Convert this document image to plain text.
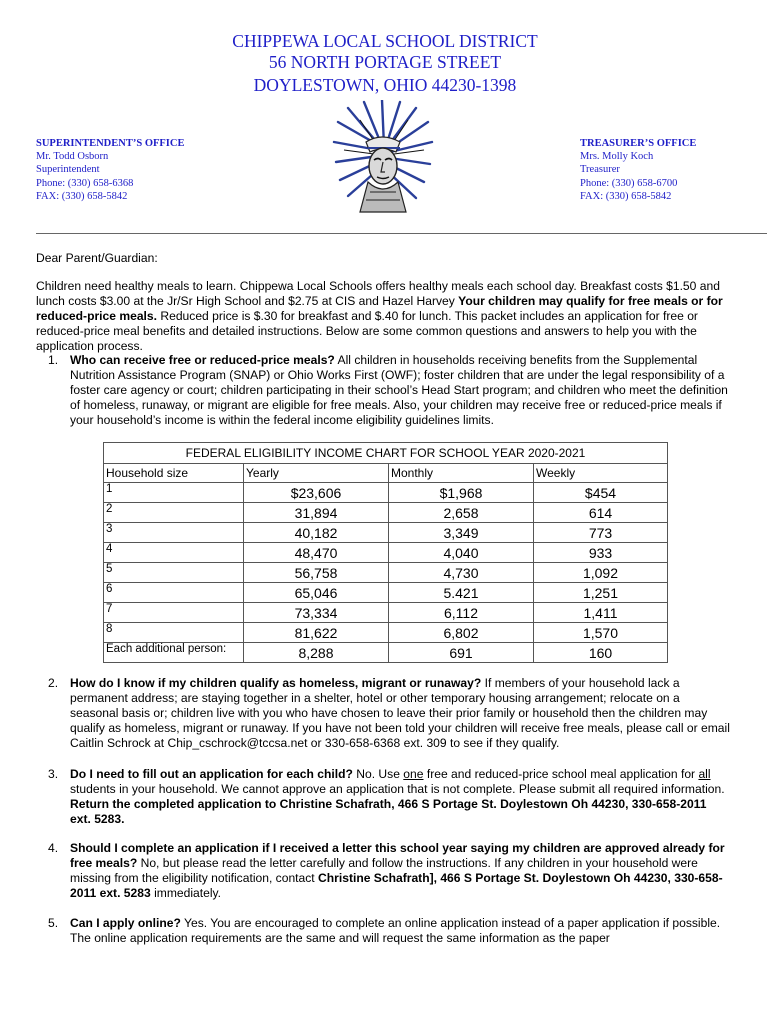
CHIPPEWA LOCAL SCHOOL DISTRICT
56 NORTH PORTAGE STREET
DOYLESTOWN, OHIO 44230-1398
SUPERINTENDENT’S OFFICE
Mr. Todd Osborn
Superintendent
Phone: (330) 658-6368
FAX: (330) 658-5842
TREASURER’S OFFICE
Mrs. Molly Koch
Treasurer
Phone: (330) 658-6700
FAX: (330) 658-5842
Dear Parent/Guardian:
Children need healthy meals to learn. Chippewa Local Schools offers healthy meals each school day. Breakfast costs $1.50 and lunch costs $3.00 at the Jr/Sr High School and $2.75 at CIS and Hazel Harvey Your children may qualify for free meals or for reduced-price meals. Reduced price is $.30 for breakfast and $.40 for lunch. This packet includes an application for free or reduced-price meal benefits and detailed instructions. Below are some common questions and answers to help you with the application process.
1. Who can receive free or reduced-price meals? All children in households receiving benefits from the Supplemental Nutrition Assistance Program (SNAP) or Ohio Works First (OWF); foster children that are under the legal responsibility of a foster care agency or court; children participating in their school’s Head Start program; and children who meet the definition of homeless, runaway, or migrant are eligible for free meals. Also, your children may receive free or reduced-price meals if your household’s income is within the federal income eligibility guidelines limits.
FEDERAL ELIGIBILITY INCOME CHART FOR SCHOOL YEAR 2020-2021			
Household size	Yearly	Monthly	Weekly
1	$23,606	$1,968	$454
2	31,894	2,658	614
3	40,182	3,349	773
4	48,470	4,040	933
5	56,758	4,730	1,092
6	65,046	5.421	1,251
7	73,334	6,112	1,411
8	81,622	6,802	1,570
Each additional person:	8,288	691	160
2. How do I know if my children qualify as homeless, migrant or runaway? If members of your household lack a permanent address; are staying together in a shelter, hotel or other temporary housing arrangement; relocate on a seasonal basis or; children live with you who have chosen to leave their prior family or household then the children may qualify as homeless, migrant or runaway. If you have not been told your children will receive free meals, please call or email Caitlin Schrock at Chip_cschrock@tccsa.net or 330-658-6368 ext. 309 to see if they qualify.
3. Do I need to fill out an application for each child? No. Use one free and reduced-price school meal application for all students in your household. We cannot approve an application that is not complete. Please submit all required information. Return the completed application to Christine Schafrath, 466 S Portage St. Doylestown Oh 44230, 330-658-2011 ext. 5283.
4. Should I complete an application if I received a letter this school year saying my children are approved already for free meals? No, but please read the letter carefully and follow the instructions. If any children in your household were missing from the eligibility notification, contact Christine Schafrath], 466 S Portage St. Doylestown Oh 44230, 330-658-2011 ext. 5283 immediately.
5. Can I apply online? Yes. You are encouraged to complete an online application instead of a paper application if possible. The online application requirements are the same and will request the same information as the paper
